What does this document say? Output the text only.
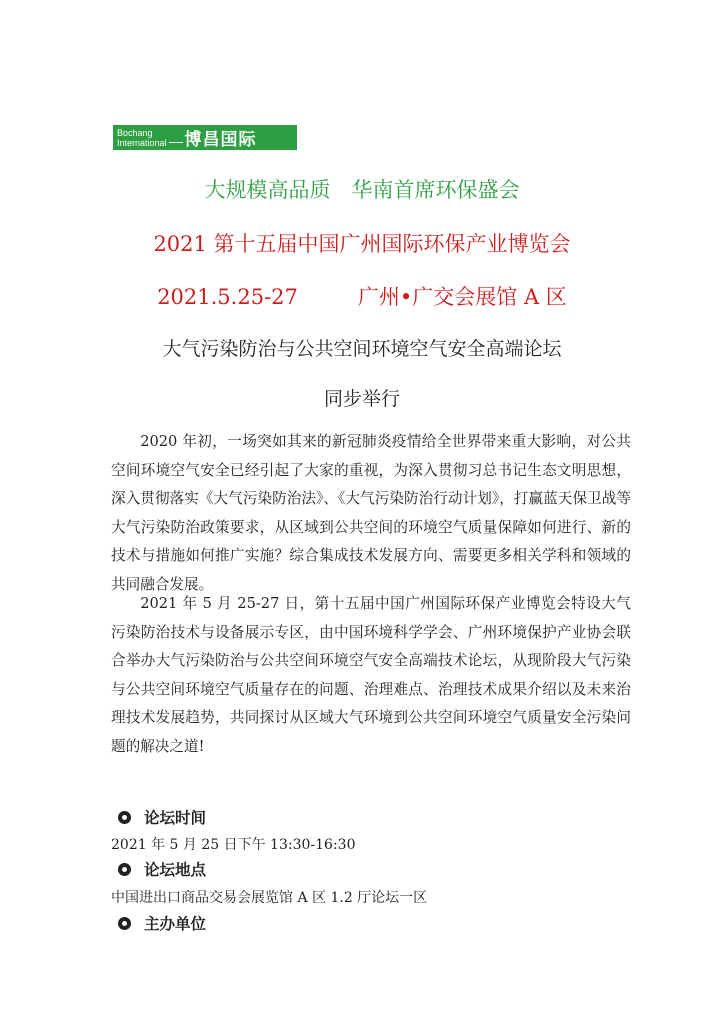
Bochang
International 博昌国际
大规模高品质　华南首席环保盛会
2021 第十五届中国广州国际环保产业博览会
2021.5.25-27	广州•广交会展馆 A 区
大气污染防治与公共空间环境空气安全高端论坛
同步举行

2020 年初，一场突如其来的新冠肺炎疫情给全世界带来重大影响，对公共空间环境空气安全已经引起了大家的重视，为深入贯彻习总书记生态文明思想，深入贯彻落实《大气污染防治法》、《大气污染防治行动计划》，打赢蓝天保卫战等大气污染防治政策要求，从区域到公共空间的环境空气质量保障如何进行、新的技术与措施如何推广实施？综合集成技术发展方向、需要更多相关学科和领域的共同融合发展。

2021 年 5 月 25-27 日，第十五届中国广州国际环保产业博览会特设大气污染防治技术与设备展示专区，由中国环境科学学会、广州环境保护产业协会联合举办大气污染防治与公共空间环境空气安全高端技术论坛，从现阶段大气污染与公共空间环境空气质量存在的问题、治理难点、治理技术成果介绍以及未来治理技术发展趋势，共同探讨从区域大气环境到公共空间环境空气质量安全污染问题的解决之道!

论坛时间
2021 年 5 月 25 日下午 13:30-16:30
论坛地点
中国进出口商品交易会展览馆 A 区 1.2 厅论坛一区
主办单位
